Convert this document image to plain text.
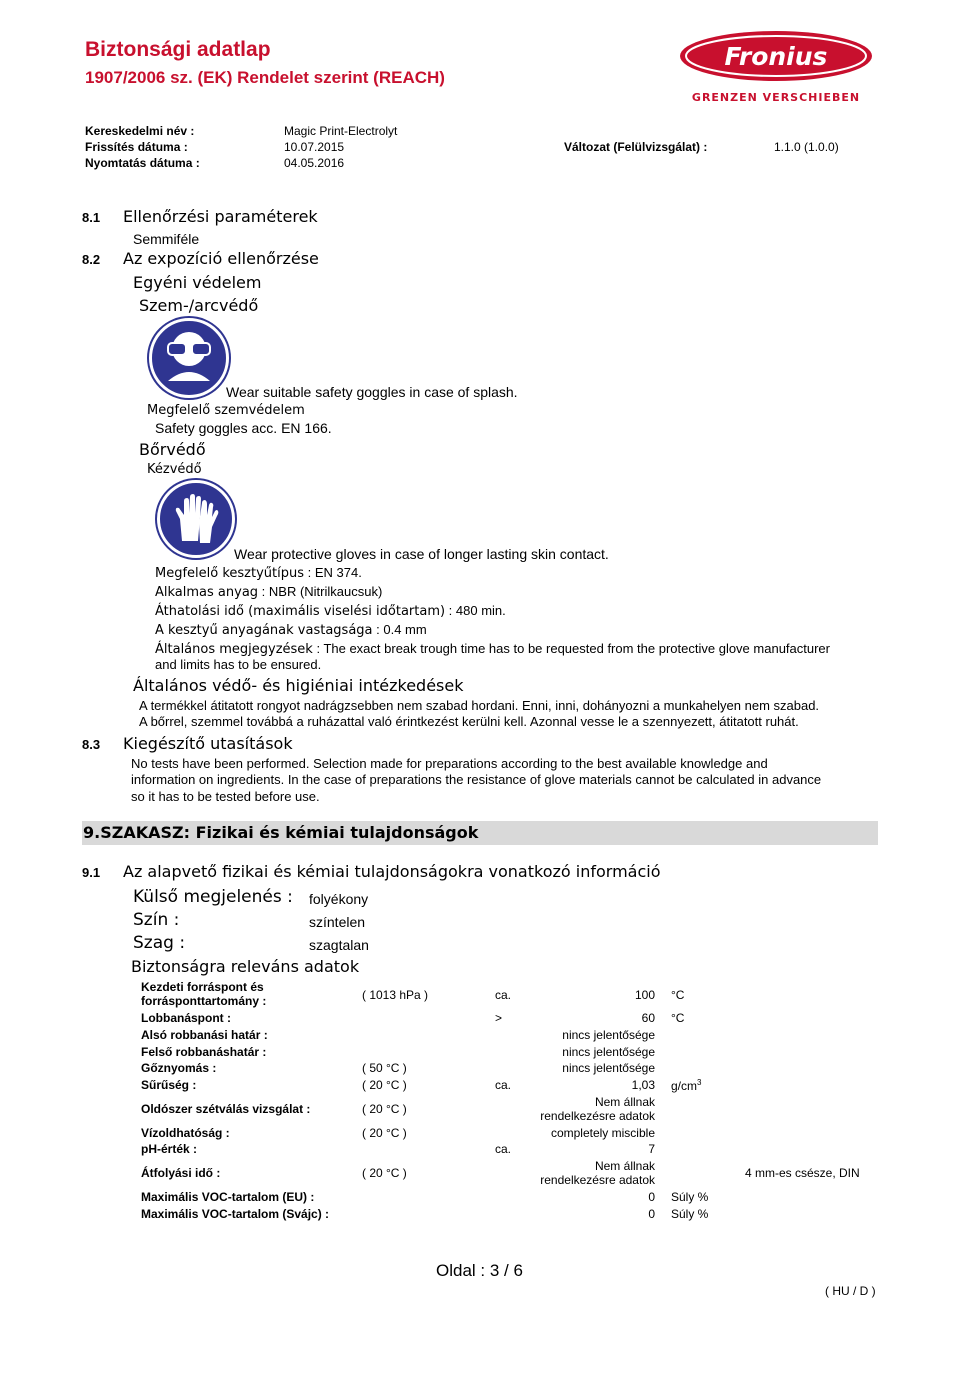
Biztonsági adatlap
1907/2006 sz. (EK) Rendelet szerint (REACH)
Fronius
GRENZEN VERSCHIEBEN
Kereskedelmi név :	Magic Print-Electrolyt
Frissítés dátuma :	10.07.2015	Változat (Felülvizsgálat) :	1.1.0 (1.0.0)
Nyomtatás dátuma :	04.05.2016
8.1 Ellenőrzési paraméterek
Semmiféle
8.2 Az expozíció ellenőrzése
Egyéni védelem
Szem-/arcvédő
Wear suitable safety goggles in case of splash.
Megfelelő szemvédelem
Safety goggles acc. EN 166.
Bőrvédő
Kézvédő
Wear protective gloves in case of longer lasting skin contact.
Megfelelő kesztyűtípus : EN 374.
Alkalmas anyag : NBR (Nitrilkaucsuk)
Áthatolási idő (maximális viselési időtartam) : 480 min.
A kesztyű anyagának vastagsága : 0.4 mm
Általános megjegyzések : The exact break trough time has to be requested from the protective glove manufacturer
and limits has to be ensured.
Általános védő- és higiéniai intézkedések
A termékkel átitatott rongyot nadrágzsebben nem szabad hordani. Enni, inni, dohányozni a munkahelyen nem szabad.
A bőrrel, szemmel továbbá a ruházattal való érintkezést kerülni kell. Azonnal vesse le a szennyezett, átitatott ruhát.
8.3 Kiegészítő utasítások
No tests have been performed. Selection made for preparations according to the best available knowledge and
information on ingredients. In the case of preparations the resistance of glove materials cannot be calculated in advance
so it has to be tested before use.
9.SZAKASZ: Fizikai és kémiai tulajdonságok
9.1 Az alapvető fizikai és kémiai tulajdonságokra vonatkozó információ
Külső megjelenés : folyékony
Szín :	színtelen
Szag :	szagtalan
Biztonságra releváns adatok
Kezdeti forráspont és
forrásponttartomány :	( 1013 hPa )	ca.	100 °C
Lobbanáspont :	>	60 °C
Alsó robbanási határ :	nincs jelentősége
Felső robbanáshatár :	nincs jelentősége
Gőznyomás :	( 50 °C )	nincs jelentősége
Sűrűség :	( 20 °C )	ca.	1,03 $g/cm^3$
Oldószer szétválás vizsgálat :	( 20 °C )	Nem állnak
rendelkezésre adatok
Vízoldhatóság :	( 20 °C )	completely miscible
pH-érték :	ca.	7
Átfolyási idő :	( 20 °C )	Nem állnak
rendelkezésre adatok	4 mm-es csésze, DIN
Maximális VOC-tartalom (EU) :	0 Súly %
Maximális VOC-tartalom (Svájc) :	0 Súly %
Oldal : 3 / 6
( HU / D )
